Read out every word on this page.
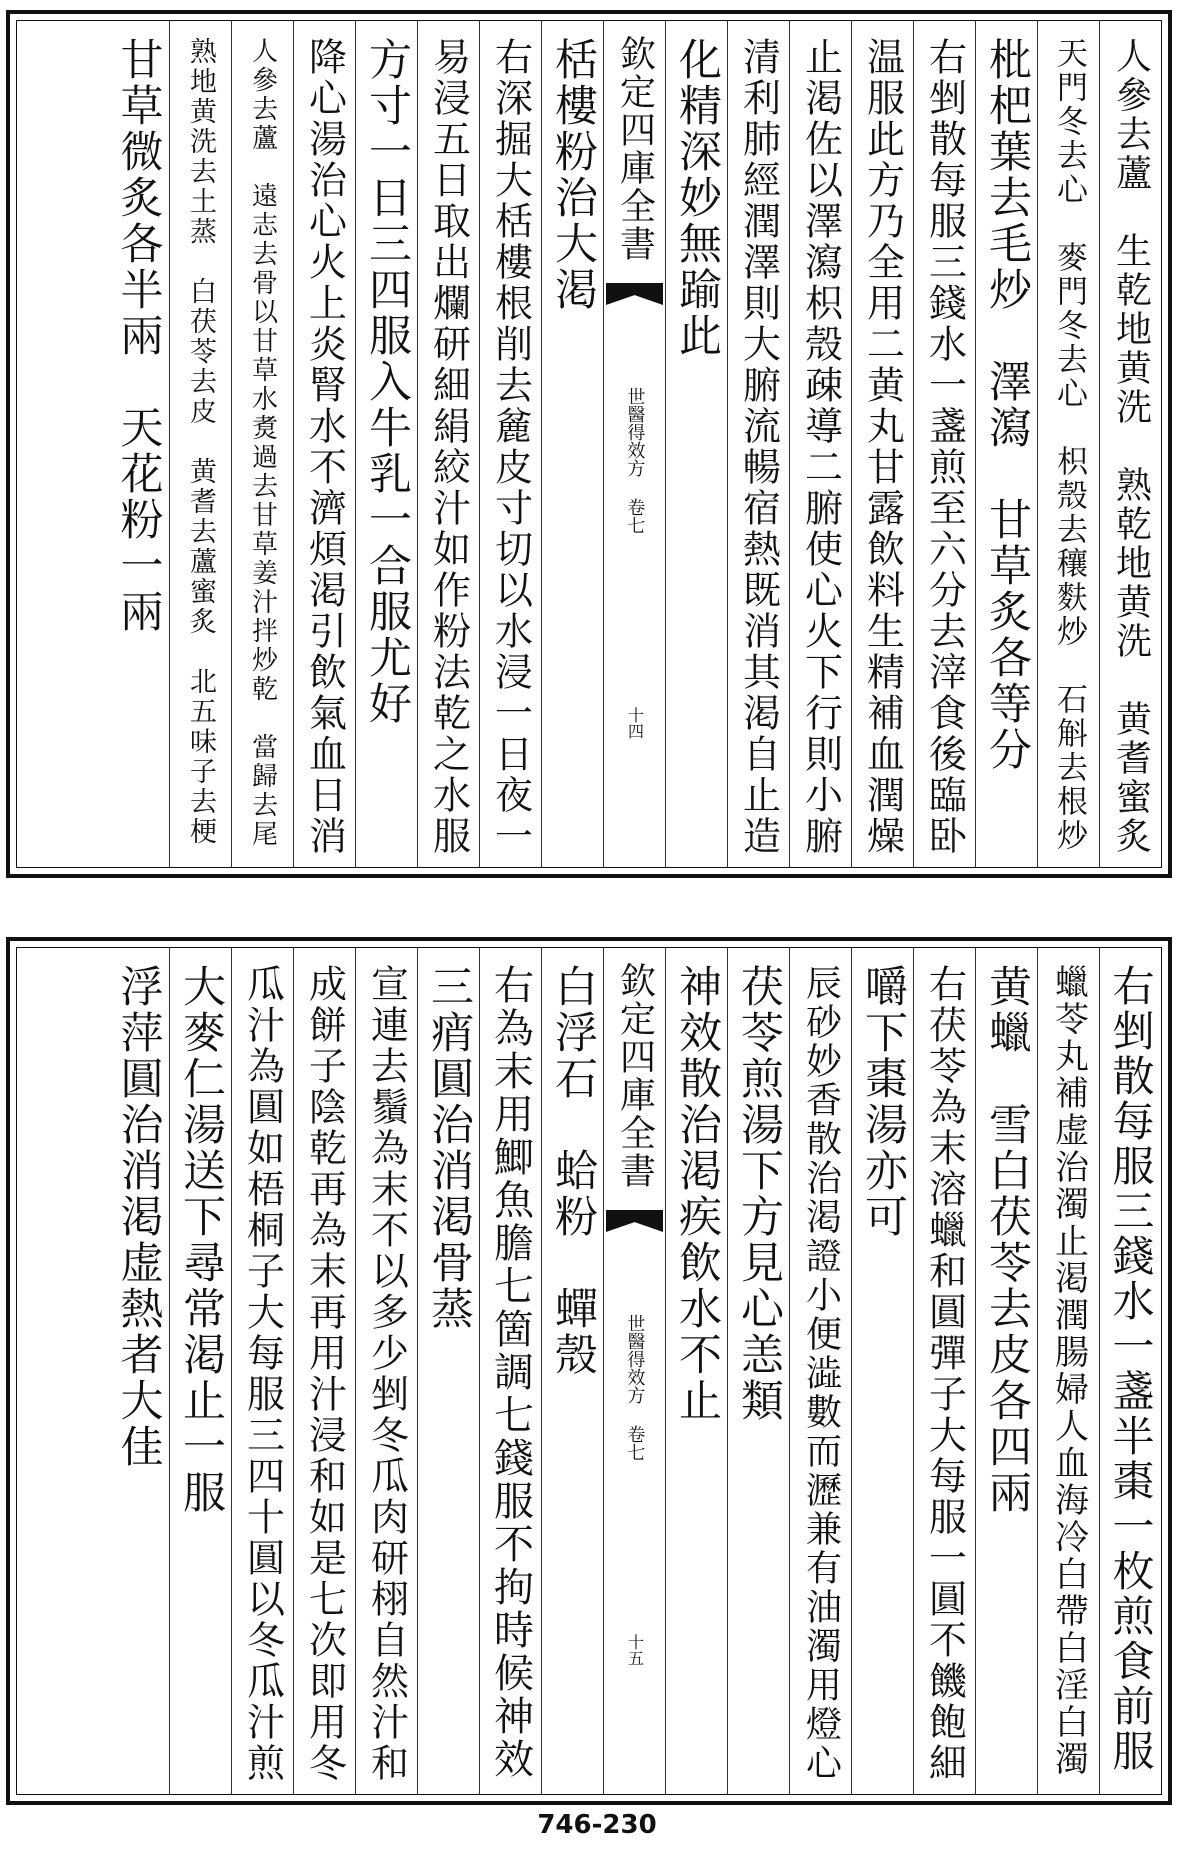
人參去蘆　生乾地黄洗　熟乾地黄洗　黄耆蜜炙
天門冬去心　麥門冬去心　枳殼去穰麩炒　石斛去根炒
枇杷葉去毛炒　澤瀉　甘草炙各等分
右剉散每服三錢水一盞煎至六分去滓食後臨卧
温服此方乃全用二黄丸甘露飲料生精補血潤燥
止渇佐以澤瀉枳殼疎導二腑使心火下行則小腑
清利肺經潤澤則大腑流暢宿熱既消其渇自止造
化精深妙無踰此
欽定四庫全書
世醫得效方 卷七
十四
栝樓粉治大渇
右深掘大栝樓根削去麄皮寸切以水浸一日夜一
易浸五日取出爛研細絹絞汁如作粉法乾之水服
方寸一日三四服入牛乳一合服尤好
降心湯治心火上炎腎水不濟煩渇引飲氣血日消
人參去蘆　遠志去骨以甘草水煑過去甘草姜汁拌炒乾　當歸去尾
熟地黄洗去土蒸　白茯苓去皮　黄耆去蘆蜜炙　北五味子去梗
甘草微炙各半兩　天花粉一兩
右剉散每服三錢水一盞半棗一枚煎食前服
蠟苓丸補虚治濁止渇潤腸婦人血海冷白帶白淫白濁
黄蠟　雪白茯苓去皮各四兩
右茯苓為末溶蠟和圓彈子大每服一圓不饑飽細
嚼下棗湯亦可
辰砂妙香散治渇證小便澁數而瀝兼有油濁用燈心
茯苓煎湯下方見心恙類
神效散治渇疾飲水不止
欽定四庫全書
世醫得效方 卷七
十五
白浮石　蛤粉　蟬殼
右為末用鯽魚膽七箇調七錢服不拘時候神效
三痟圓治消渇骨蒸
宣連去鬚為末不以多少剉冬瓜肉研栩自然汁和
成餅子陰乾再為末再用汁浸和如是七次即用冬
瓜汁為圓如梧桐子大每服三四十圓以冬瓜汁煎
大麥仁湯送下尋常渇止一服
浮萍圓治消渇虚熱者大佳
746-230
